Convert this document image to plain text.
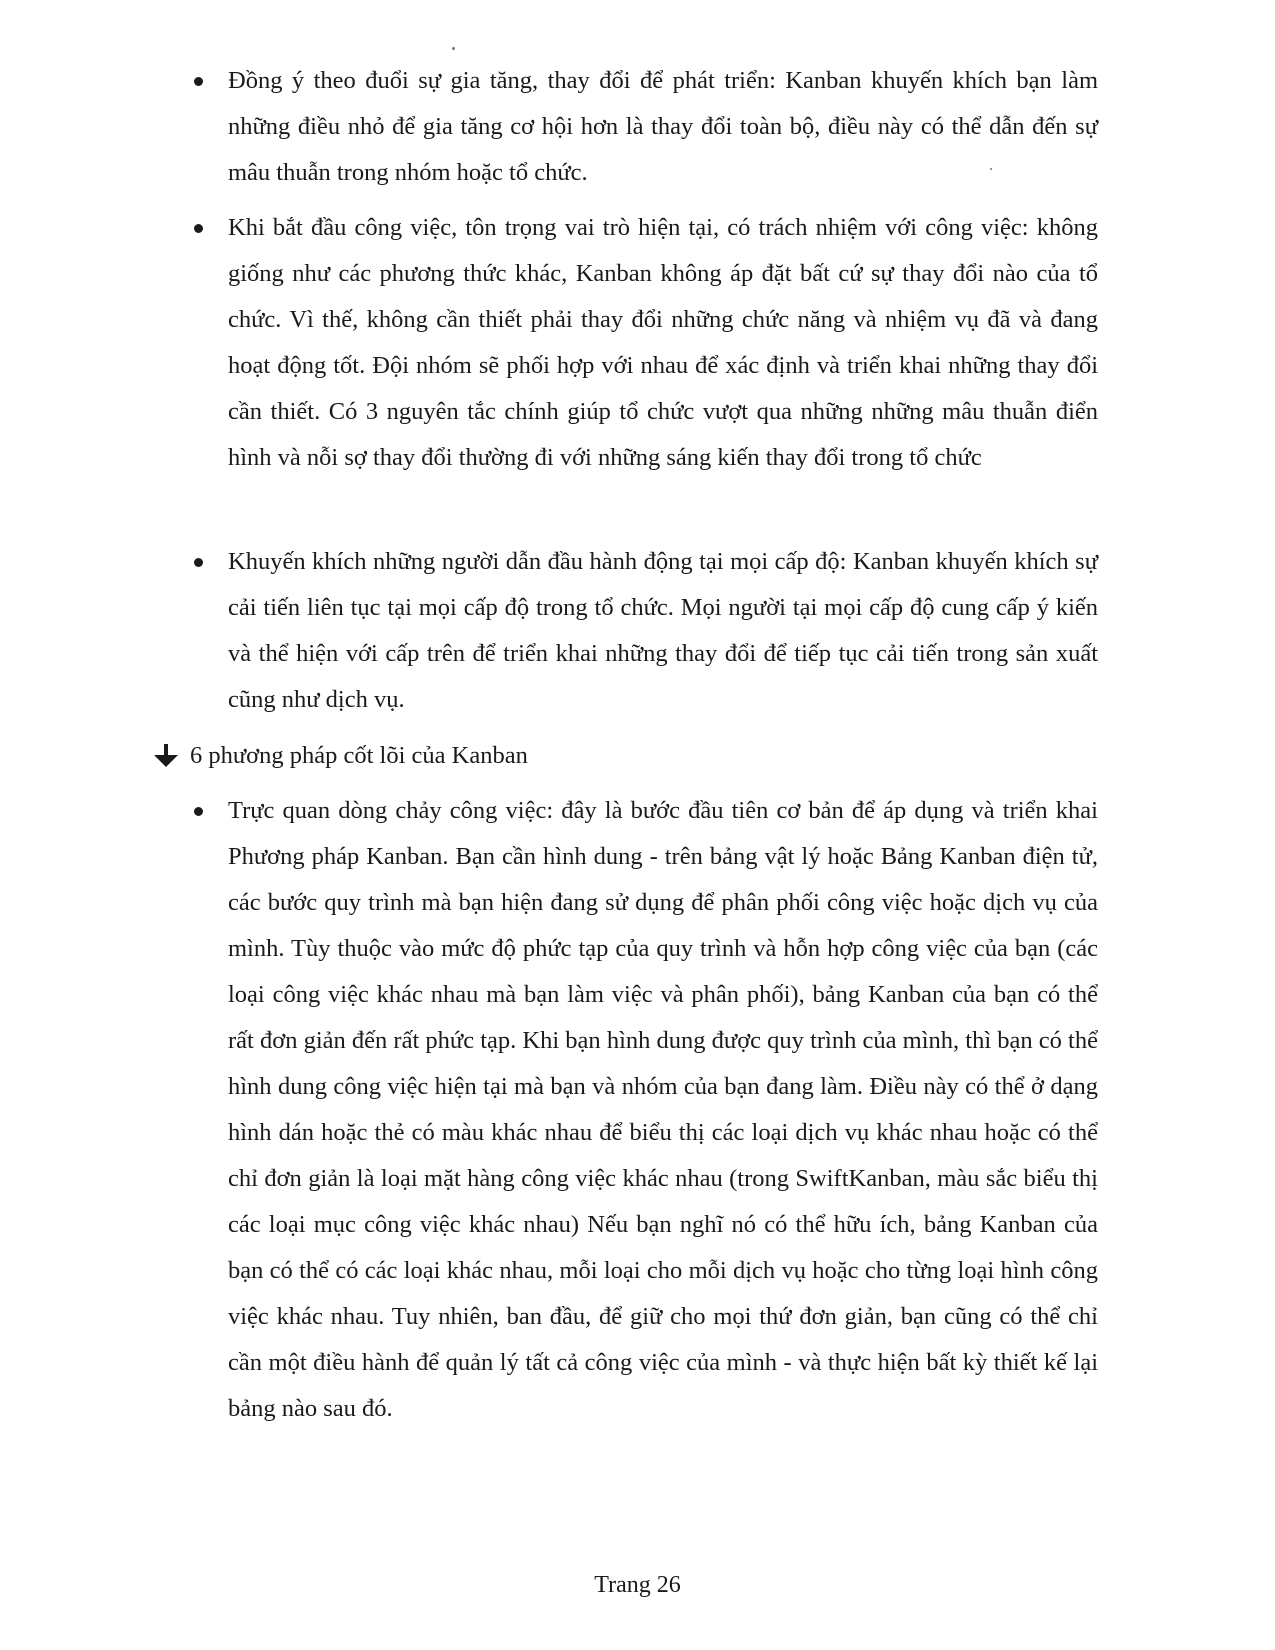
Đồng ý theo đuổi sự gia tăng, thay đổi để phát triển: Kanban khuyến khích bạn làm những điều nhỏ để gia tăng cơ hội hơn là thay đổi toàn bộ, điều này có thể dẫn đến sự mâu thuẫn trong nhóm hoặc tổ chức.

Khi bắt đầu công việc, tôn trọng vai trò hiện tại, có trách nhiệm với công việc: không giống như các phương thức khác, Kanban không áp đặt bất cứ sự thay đổi nào của tổ chức. Vì thế, không cần thiết phải thay đổi những chức năng và nhiệm vụ đã và đang hoạt động tốt. Đội nhóm sẽ phối hợp với nhau để xác định và triển khai những thay đổi cần thiết. Có 3 nguyên tắc chính giúp tổ chức vượt qua những những mâu thuẫn điển hình và nỗi sợ thay đổi thường đi với những sáng kiến thay đổi trong tổ chức

Khuyến khích những người dẫn đầu hành động tại mọi cấp độ: Kanban khuyến khích sự cải tiến liên tục tại mọi cấp độ trong tổ chức. Mọi người tại mọi cấp độ cung cấp ý kiến và thể hiện với cấp trên để triển khai những thay đổi để tiếp tục cải tiến trong sản xuất cũng như dịch vụ.

6 phương pháp cốt lõi của Kanban

Trực quan dòng chảy công việc: đây là bước đầu tiên cơ bản để áp dụng và triển khai Phương pháp Kanban. Bạn cần hình dung - trên bảng vật lý hoặc Bảng Kanban điện tử, các bước quy trình mà bạn hiện đang sử dụng để phân phối công việc hoặc dịch vụ của mình. Tùy thuộc vào mức độ phức tạp của quy trình và hỗn hợp công việc của bạn (các loại công việc khác nhau mà bạn làm việc và phân phối), bảng Kanban của bạn có thể rất đơn giản đến rất phức tạp. Khi bạn hình dung được quy trình của mình, thì bạn có thể hình dung công việc hiện tại mà bạn và nhóm của bạn đang làm. Điều này có thể ở dạng hình dán hoặc thẻ có màu khác nhau để biểu thị các loại dịch vụ khác nhau hoặc có thể chỉ đơn giản là loại mặt hàng công việc khác nhau (trong SwiftKanban, màu sắc biểu thị các loại mục công việc khác nhau) Nếu bạn nghĩ nó có thể hữu ích, bảng Kanban của bạn có thể có các loại khác nhau, mỗi loại cho mỗi dịch vụ hoặc cho từng loại hình công việc khác nhau. Tuy nhiên, ban đầu, để giữ cho mọi thứ đơn giản, bạn cũng có thể chỉ cần một điều hành để quản lý tất cả công việc của mình - và thực hiện bất kỳ thiết kế lại bảng nào sau đó.

Trang 26
